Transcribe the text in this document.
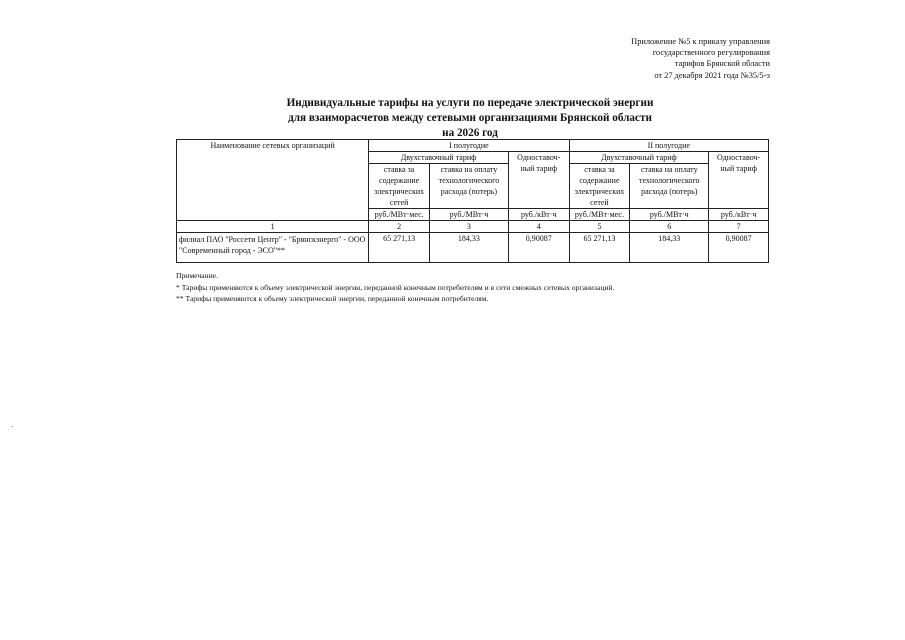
Приложение №5 к приказу управления
государственного регулирования
тарифов Брянской области
от 27 декабря 2021 года №35/5-э
Индивидуальные тарифы на услуги по передаче электрической энергии
для взаиморасчетов между сетевыми организациями Брянской области
на 2026 год
Наименование сетевых организаций	I полугодие			II полугодие		
	Двухставочный тариф		Одноставоч-ный тариф	Двухставочный тариф		Одноставоч-ный тариф
	ставка за содержание электрических сетей	ставка на оплату технологического расхода (потерь)		ставка за содержание электрических сетей	ставка на оплату технологического расхода (потерь)	
	руб./МВт·мес.	руб./МВт·ч	руб./кВт·ч	руб./МВт·мес.	руб./МВт·ч	руб./кВт·ч
1	2	3	4	5	6	7
филиал ПАО "Россети Центр" - "Брянскэнерго" - ООО "Современный город - ЭСО"**	65 271,13	184,33	0,90087	65 271,13	184,33	0,90087
Примечание.
* Тарифы применяются к объему электрической энергии, переданной конечным потребителям и в сети смежных сетевых организаций.
** Тарифы применяются к объему электрической энергии, переданной конечным потребителям.
